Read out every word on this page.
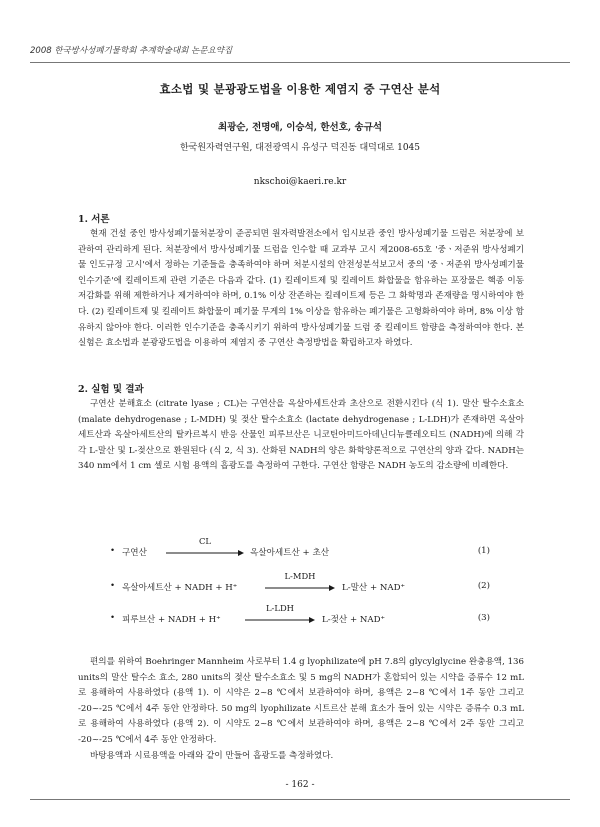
2008 한국방사성폐기물학회 추계학술대회 논문요약집
효소법 및 분광광도법을 이용한 제염지 중 구연산 분석
최광순, 전명애, 이승석, 한선호, 송규석
한국원자력연구원, 대전광역시 유성구 덕진동 대덕대로 1045
nkschoi@kaeri.re.kr
1. 서론

현재 건설 중인 방사성폐기물처분장이 준공되면 원자력발전소에서 임시보관 중인 방사성폐기물 드럼은 처분장에 보관하여 관리하게 된다. 처분장에서 방사성폐기물 드럼을 인수할 때 교과부 고시 제2008-65호 '중ㆍ저준위 방사성폐기물 인도규정 고시'에서 정하는 기준들을 충족하여야 하며 처분시설의 안전성분석보고서 중의 '중ㆍ저준위 방사성폐기물 인수기준'에 킬레이트제 관련 기준은 다음과 같다. (1) 킬레이트제 및 킬레이트 화합물을 함유하는 포장물은 핵종 이동 저감화를 위해 제한하거나 제거하여야 하며, 0.1% 이상 잔존하는 킬레이트제 등은 그 화학명과 존재량을 명시하여야 한다. (2) 킬레이트제 및 킬레이트 화합물이 폐기물 무게의 1% 이상을 함유하는 폐기물은 고형화하여야 하며, 8% 이상 함유하지 않아야 한다. 이러한 인수기준을 충족시키기 위하여 방사성폐기물 드럼 중 킬레이트 함량을 측정하여야 한다. 본 실험은 효소법과 분광광도법을 이용하여 제염지 중 구연산 측정방법을 확립하고자 하였다.

2. 실험 및 결과

구연산 분해효소 (citrate lyase ; CL)는 구연산을 옥살아세트산과 초산으로 전환시킨다 (식 1). 말산 탈수소효소 (malate dehydrogenase ; L-MDH) 및 젖산 탈수소효소 (lactate dehydrogenase ; L-LDH)가 존재하면 옥살아세트산과 옥살아세트산의 탈카르복시 반응 산물인 피루브산은 니코틴아미드아데닌디뉴클레오티드 (NADH)에 의해 각각 L-말산 및 L-젖산으로 환원된다 (식 2, 식 3). 산화된 NADH의 양은 화학양론적으로 구연산의 양과 같다. NADH는 340 nm에서 1 cm 셀로 시험 용액의 흡광도를 측정하여 구한다. 구연산 함량은 NADH 농도의 감소량에 비례한다.

• 구연산
CL
옥살아세트산 + 초산	(1)
• 옥살아세트산 + NADH + H⁺
L-MDH
L-말산 + NAD⁺	(2)
• 피루브산 + NADH + H⁺
L-LDH
L-젖산 + NAD⁺	(3)

편의를 위하여 Boehringer Mannheim 사로부터 1.4 g lyophilizate에 pH 7.8의 glycylglycine 완충용액, 136 units의 말산 탈수소 효소, 280 units의 젖산 탈수소효소 및 5 mg의 NADH가 혼합되어 있는 시약을 증류수 12 mL로 용해하여 사용하였다 (용액 1). 이 시약은 2~8 ℃에서 보관하여야 하며, 용액은 2~8 ℃에서 1주 동안 그리고 -20~-25 ℃에서 4주 동안 안정하다. 50 mg의 lyophilizate 시트르산 분해 효소가 들어 있는 시약은 증류수 0.3 mL로 용해하여 사용하였다 (용액 2). 이 시약도 2~8 ℃에서 보관하여야 하며, 용액은 2~8 ℃에서 2주 동안 그리고 -20~-25 ℃에서 4주 동안 안정하다.

바탕용액과 시료용액을 아래와 같이 만들어 흡광도를 측정하였다.

- 162 -
